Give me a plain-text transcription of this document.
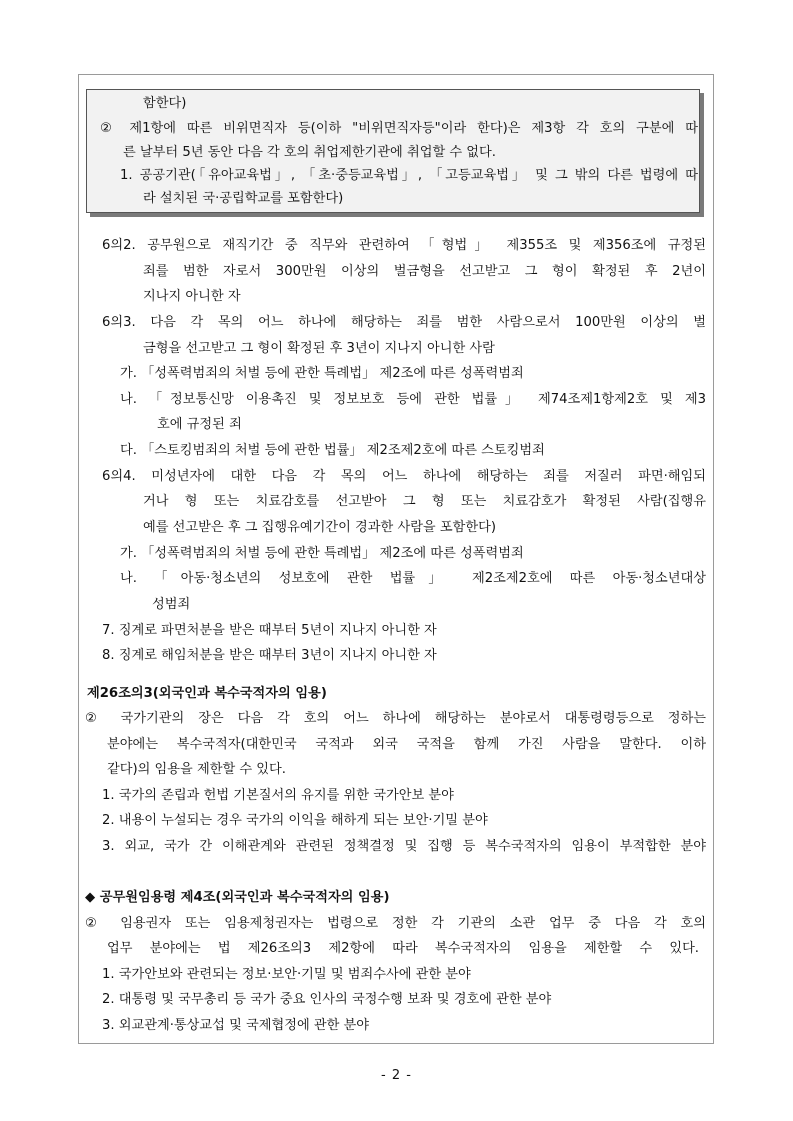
함한다)
② 제1항에 따른 비위면직자 등(이하 "비위면직자등"이라 한다)은 제3항 각 호의 구분에 따
른 날부터 5년 동안 다음 각 호의 취업제한기관에 취업할 수 없다.
1. 공공기관(「유아교육법」, 「초·중등교육법」, 「고등교육법」 및 그 밖의 다른 법령에 따
라 설치된 국·공립학교를 포함한다)
6의2. 공무원으로 재직기간 중 직무와 관련하여 「형법」 제355조 및 제356조에 규정된
죄를 범한 자로서 300만원 이상의 벌금형을 선고받고 그 형이 확정된 후 2년이
지나지 아니한 자
6의3. 다음 각 목의 어느 하나에 해당하는 죄를 범한 사람으로서 100만원 이상의 벌
금형을 선고받고 그 형이 확정된 후 3년이 지나지 아니한 사람
가. 「성폭력범죄의 처벌 등에 관한 특례법」 제2조에 따른 성폭력범죄
나. 「정보통신망 이용촉진 및 정보보호 등에 관한 법률」 제74조제1항제2호 및 제3
호에 규정된 죄
다. 「스토킹범죄의 처벌 등에 관한 법률」 제2조제2호에 따른 스토킹범죄
6의4. 미성년자에 대한 다음 각 목의 어느 하나에 해당하는 죄를 저질러 파면·해임되
거나 형 또는 치료감호를 선고받아 그 형 또는 치료감호가 확정된 사람(집행유
예를 선고받은 후 그 집행유예기간이 경과한 사람을 포함한다)
가. 「성폭력범죄의 처벌 등에 관한 특례법」 제2조에 따른 성폭력범죄
나. 「아동·청소년의 성보호에 관한 법률」 제2조제2호에 따른 아동·청소년대상
성범죄
7. 징계로 파면처분을 받은 때부터 5년이 지나지 아니한 자
8. 징계로 해임처분을 받은 때부터 3년이 지나지 아니한 자
제26조의3(외국인과 복수국적자의 임용)
② 국가기관의 장은 다음 각 호의 어느 하나에 해당하는 분야로서 대통령령등으로 정하는
분야에는 복수국적자(대한민국 국적과 외국 국적을 함께 가진 사람을 말한다. 이하
같다)의 임용을 제한할 수 있다.
1. 국가의 존립과 헌법 기본질서의 유지를 위한 국가안보 분야
2. 내용이 누설되는 경우 국가의 이익을 해하게 되는 보안·기밀 분야
3. 외교, 국가 간 이해관계와 관련된 정책결정 및 집행 등 복수국적자의 임용이 부적합한 분야
◆ 공무원임용령 제4조(외국인과 복수국적자의 임용)
② 임용권자 또는 임용제청권자는 법령으로 정한 각 기관의 소관 업무 중 다음 각 호의
업무 분야에는 법 제26조의3 제2항에 따라 복수국적자의 임용을 제한할 수 있다.
1. 국가안보와 관련되는 정보·보안·기밀 및 범죄수사에 관한 분야
2. 대통령 및 국무총리 등 국가 중요 인사의 국정수행 보좌 및 경호에 관한 분야
3. 외교관계·통상교섭 및 국제협정에 관한 분야
- 2 -
